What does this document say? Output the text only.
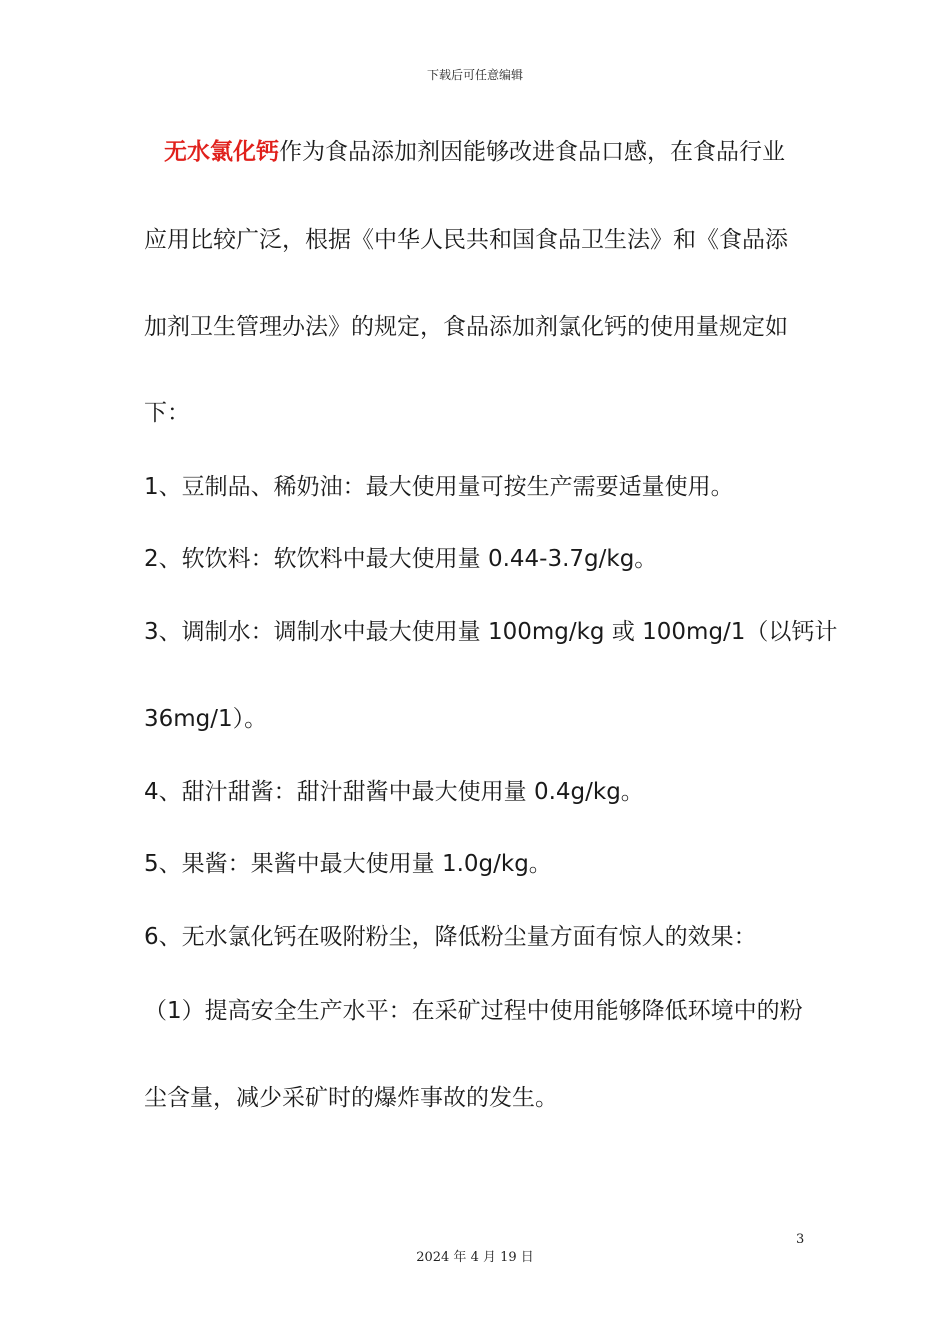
下载后可任意编辑
无水氯化钙作为食品添加剂因能够改进食品口感，在食品行业
应用比较广泛，根据《中华人民共和国食品卫生法》和《食品添
加剂卫生管理办法》的规定，食品添加剂氯化钙的使用量规定如
下：
1、豆制品、稀奶油：最大使用量可按生产需要适量使用。
2、软饮料：软饮料中最大使用量 0.44-3.7g/kg。
3、调制水：调制水中最大使用量 100mg/kg 或 100mg/1（以钙计
36mg/1）。
4、甜汁甜酱：甜汁甜酱中最大使用量 0.4g/kg。
5、果酱：果酱中最大使用量 1.0g/kg。
6、无水氯化钙在吸附粉尘，降低粉尘量方面有惊人的效果：
（1）提高安全生产水平：在采矿过程中使用能够降低环境中的粉
尘含量，减少采矿时的爆炸事故的发生。
3
2024 年 4 月 19 日
